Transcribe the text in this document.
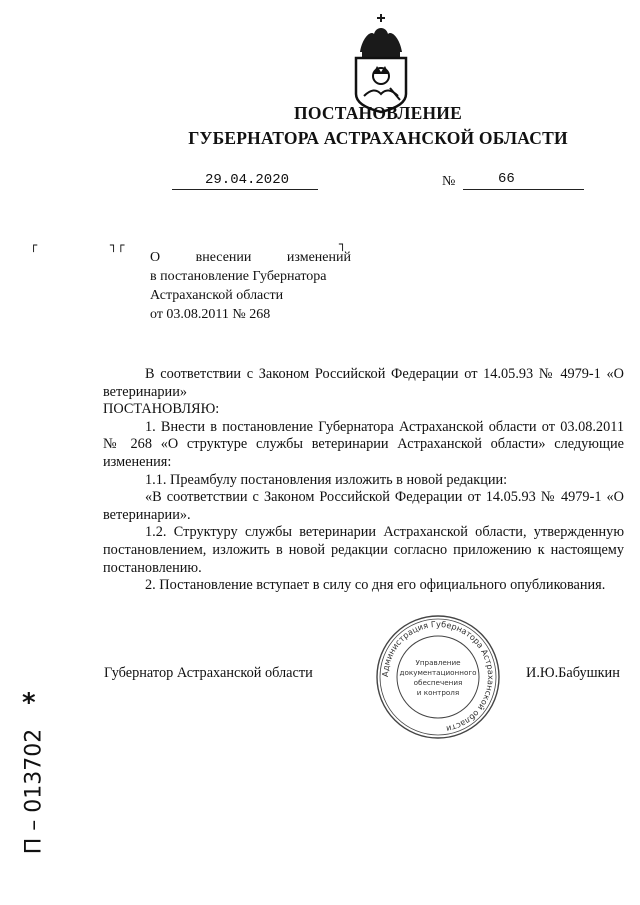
ПОСТАНОВЛЕНИЕ
ГУБЕРНАТОРА АСТРАХАНСКОЙ ОБЛАСТИ
29.04.2020	№	66
┌	┐┌	┐
О	внесении	изменений
в постановление Губернатора
Астраханской области
от 03.08.2011 № 268
В соответствии с Законом Российской Федерации от 14.05.93 № 4979-1 «О ветеринарии»
ПОСТАНОВЛЯЮ:
1. Внести в постановление Губернатора Астраханской области от 03.08.2011 № 268 «О структуре службы ветеринарии Астраханской области» следующие изменения:
1.1. Преамбулу постановления изложить в новой редакции:
«В соответствии с Законом Российской Федерации от 14.05.93 № 4979-1 «О ветеринарии».
1.2. Структуру службы ветеринарии Астраханской области, утвержденную постановлением, изложить в новой редакции согласно приложению к настоящему постановлению.
2. Постановление вступает в силу со дня его официального опубликования.
Губернатор Астраханской области	И.Ю.Бабушкин
Администрация Губернатора Астраханской области
Управление
документационного
обеспечения
и контроля
*
П – 013702
